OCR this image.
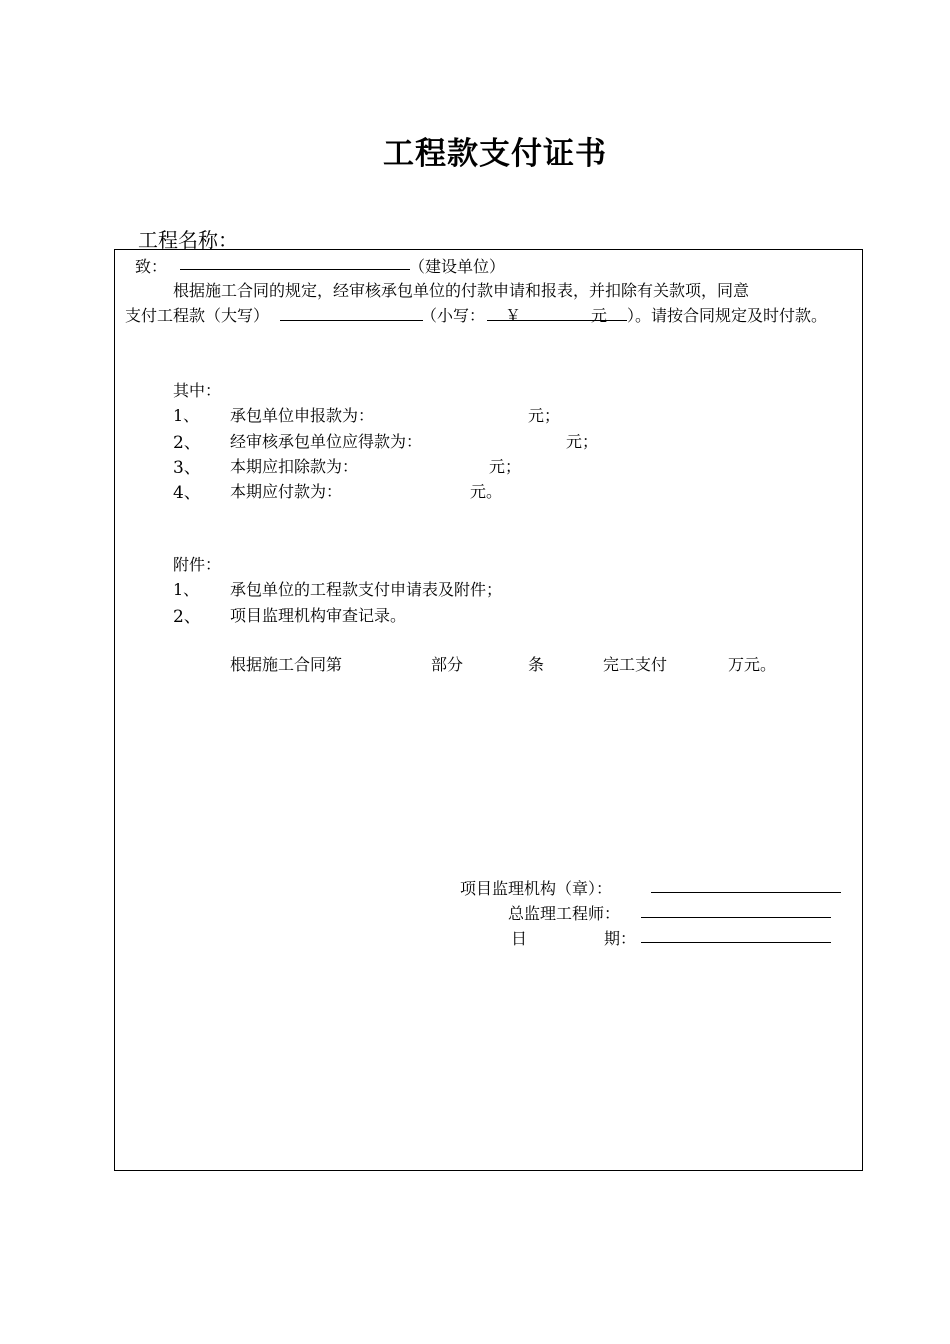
工程款支付证书
工程名称：
致：	（建设单位）
根据施工合同的规定，经审核承包单位的付款申请和报表，并扣除有关款项，同意
支付工程款（大写）	（小写： ￥	元 ）。请按合同规定及时付款。
其中：
1、 承包单位申报款为：	元；
2、 经审核承包单位应得款为：	元；
3、 本期应扣除款为：	元；
4、 本期应付款为：	元。
附件：
1、 承包单位的工程款支付申请表及附件；
2、 项目监理机构审查记录。
根据施工合同第	部分	条	完工支付	万元。
项目监理机构（章）：
总监理工程师：
日	期：
